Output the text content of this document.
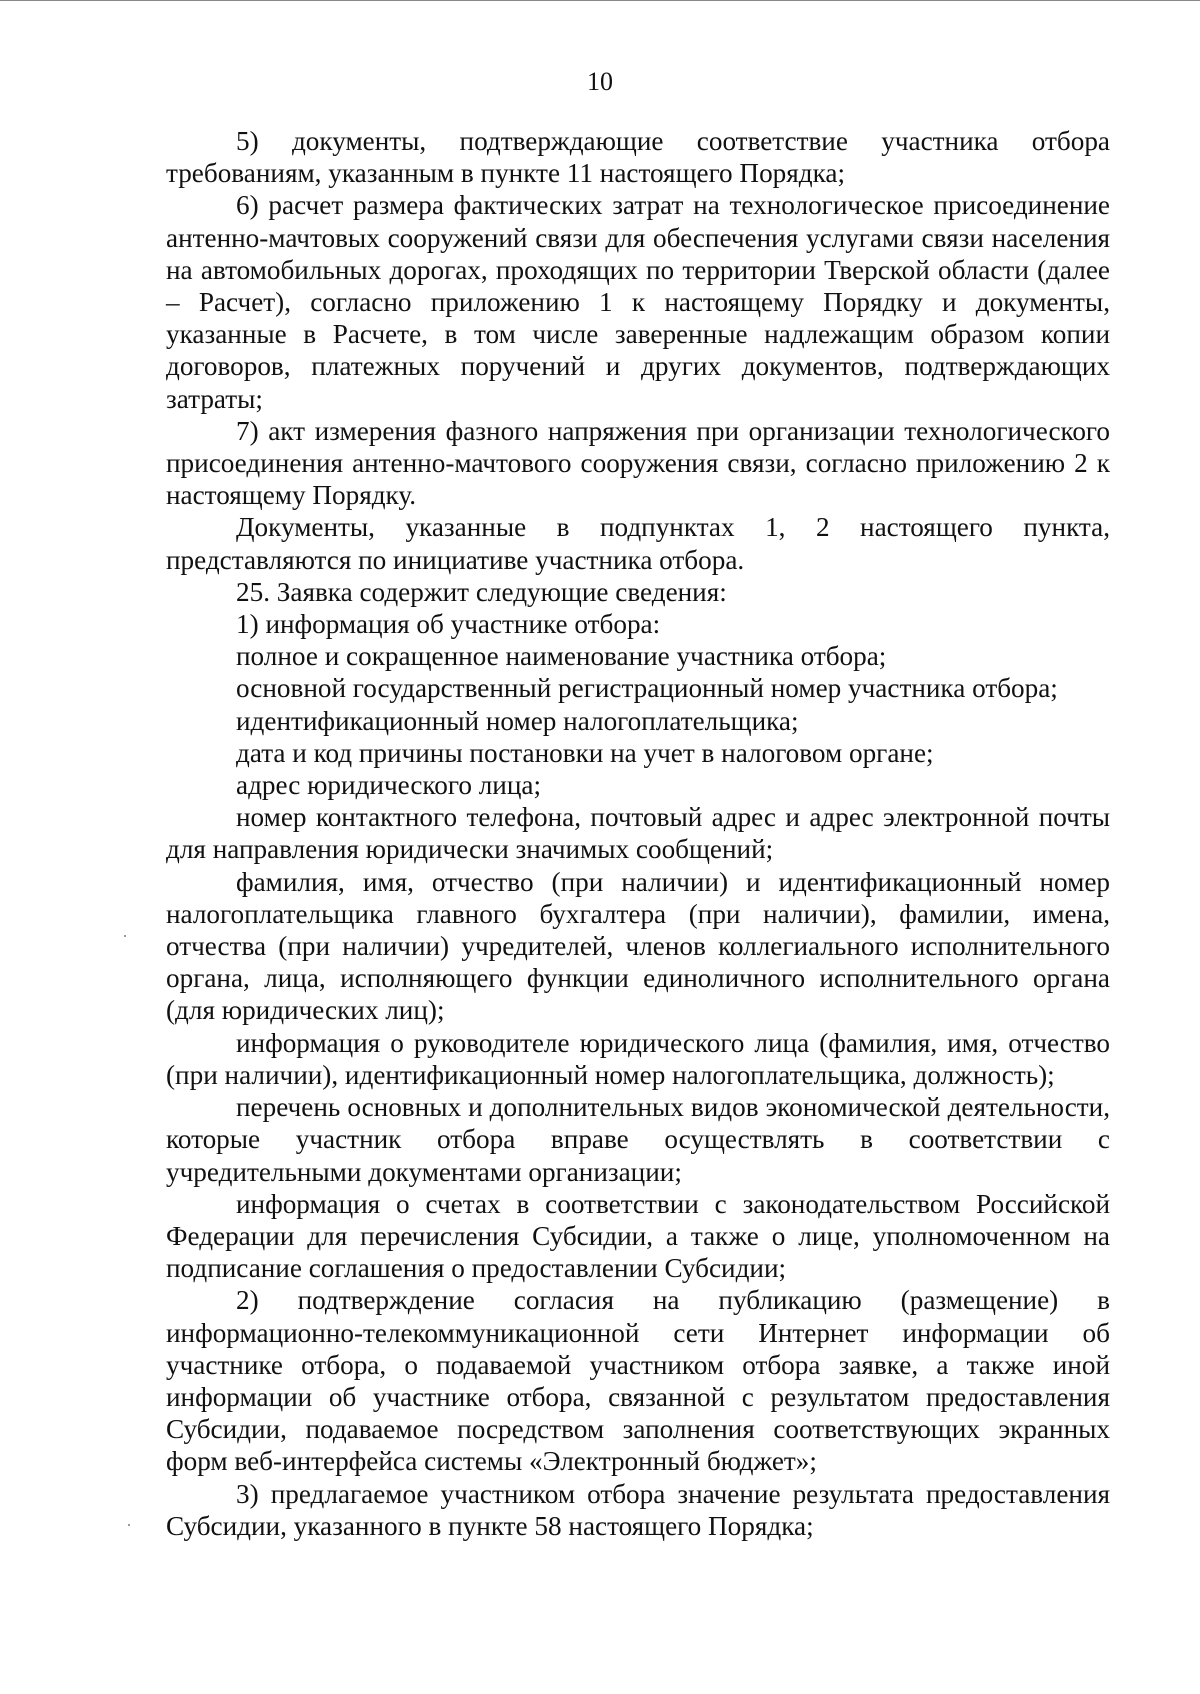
10

5) документы, подтверждающие соответствие участника отбора требованиям, указанным в пункте 11 настоящего Порядка;

6) расчет размера фактических затрат на технологическое присоединение антенно-мачтовых сооружений связи для обеспечения услугами связи населения на автомобильных дорогах, проходящих по территории Тверской области (далее – Расчет), согласно приложению 1 к настоящему Порядку и документы, указанные в Расчете, в том числе заверенные надлежащим образом копии договоров, платежных поручений и других документов, подтверждающих затраты;

7) акт измерения фазного напряжения при организации технологического присоединения антенно-мачтового сооружения связи, согласно приложению 2 к настоящему Порядку.

Документы, указанные в подпунктах 1, 2 настоящего пункта, представляются по инициативе участника отбора.

25. Заявка содержит следующие сведения:

1) информация об участнике отбора:

полное и сокращенное наименование участника отбора;

основной государственный регистрационный номер участника отбора;

идентификационный номер налогоплательщика;

дата и код причины постановки на учет в налоговом органе;

адрес юридического лица;

номер контактного телефона, почтовый адрес и адрес электронной почты для направления юридически значимых сообщений;

фамилия, имя, отчество (при наличии) и идентификационный номер налогоплательщика главного бухгалтера (при наличии), фамилии, имена, отчества (при наличии) учредителей, членов коллегиального исполнительного органа, лица, исполняющего функции единоличного исполнительного органа (для юридических лиц);

информация о руководителе юридического лица (фамилия, имя, отчество (при наличии), идентификационный номер налогоплательщика, должность);

перечень основных и дополнительных видов экономической деятельности, которые участник отбора вправе осуществлять в соответствии с учредительными документами организации;

информация о счетах в соответствии с законодательством Российской Федерации для перечисления Субсидии, а также о лице, уполномоченном на подписание соглашения о предоставлении Субсидии;

2) подтверждение согласия на публикацию (размещение) в информационно-телекоммуникационной сети Интернет информации об участнике отбора, о подаваемой участником отбора заявке, а также иной информации об участнике отбора, связанной с результатом предоставления Субсидии, подаваемое посредством заполнения соответствующих экранных форм веб-интерфейса системы «Электронный бюджет»;

3) предлагаемое участником отбора значение результата предоставления Субсидии, указанного в пункте 58 настоящего Порядка;
